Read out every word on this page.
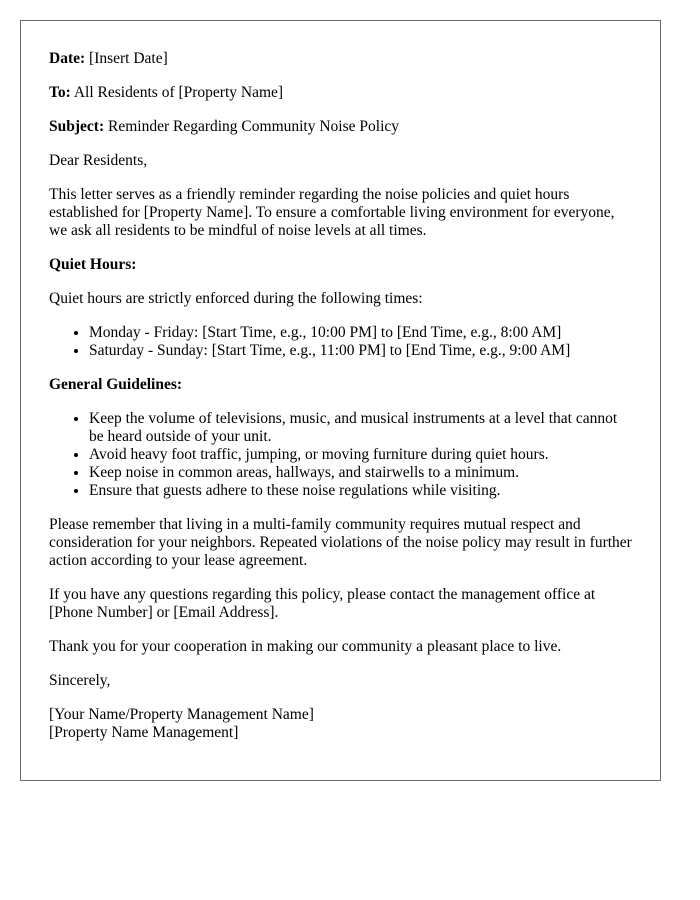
Date: [Insert Date]

To: All Residents of [Property Name]

Subject: Reminder Regarding Community Noise Policy

Dear Residents,

This letter serves as a friendly reminder regarding the noise policies and quiet hours established for [Property Name]. To ensure a comfortable living environment for everyone, we ask all residents to be mindful of noise levels at all times.

Quiet Hours:

Quiet hours are strictly enforced during the following times:

• Monday - Friday: [Start Time, e.g., 10:00 PM] to [End Time, e.g., 8:00 AM]
• Saturday - Sunday: [Start Time, e.g., 11:00 PM] to [End Time, e.g., 9:00 AM]
General Guidelines:
• Keep the volume of televisions, music, and musical instruments at a level that cannot be heard outside of your unit.
• Avoid heavy foot traffic, jumping, or moving furniture during quiet hours.
• Keep noise in common areas, hallways, and stairwells to a minimum.
• Ensure that guests adhere to these noise regulations while visiting.

Please remember that living in a multi-family community requires mutual respect and consideration for your neighbors. Repeated violations of the noise policy may result in further action according to your lease agreement.

If you have any questions regarding this policy, please contact the management office at [Phone Number] or [Email Address].

Thank you for your cooperation in making our community a pleasant place to live.

Sincerely,

[Your Name/Property Management Name]
[Property Name Management]
